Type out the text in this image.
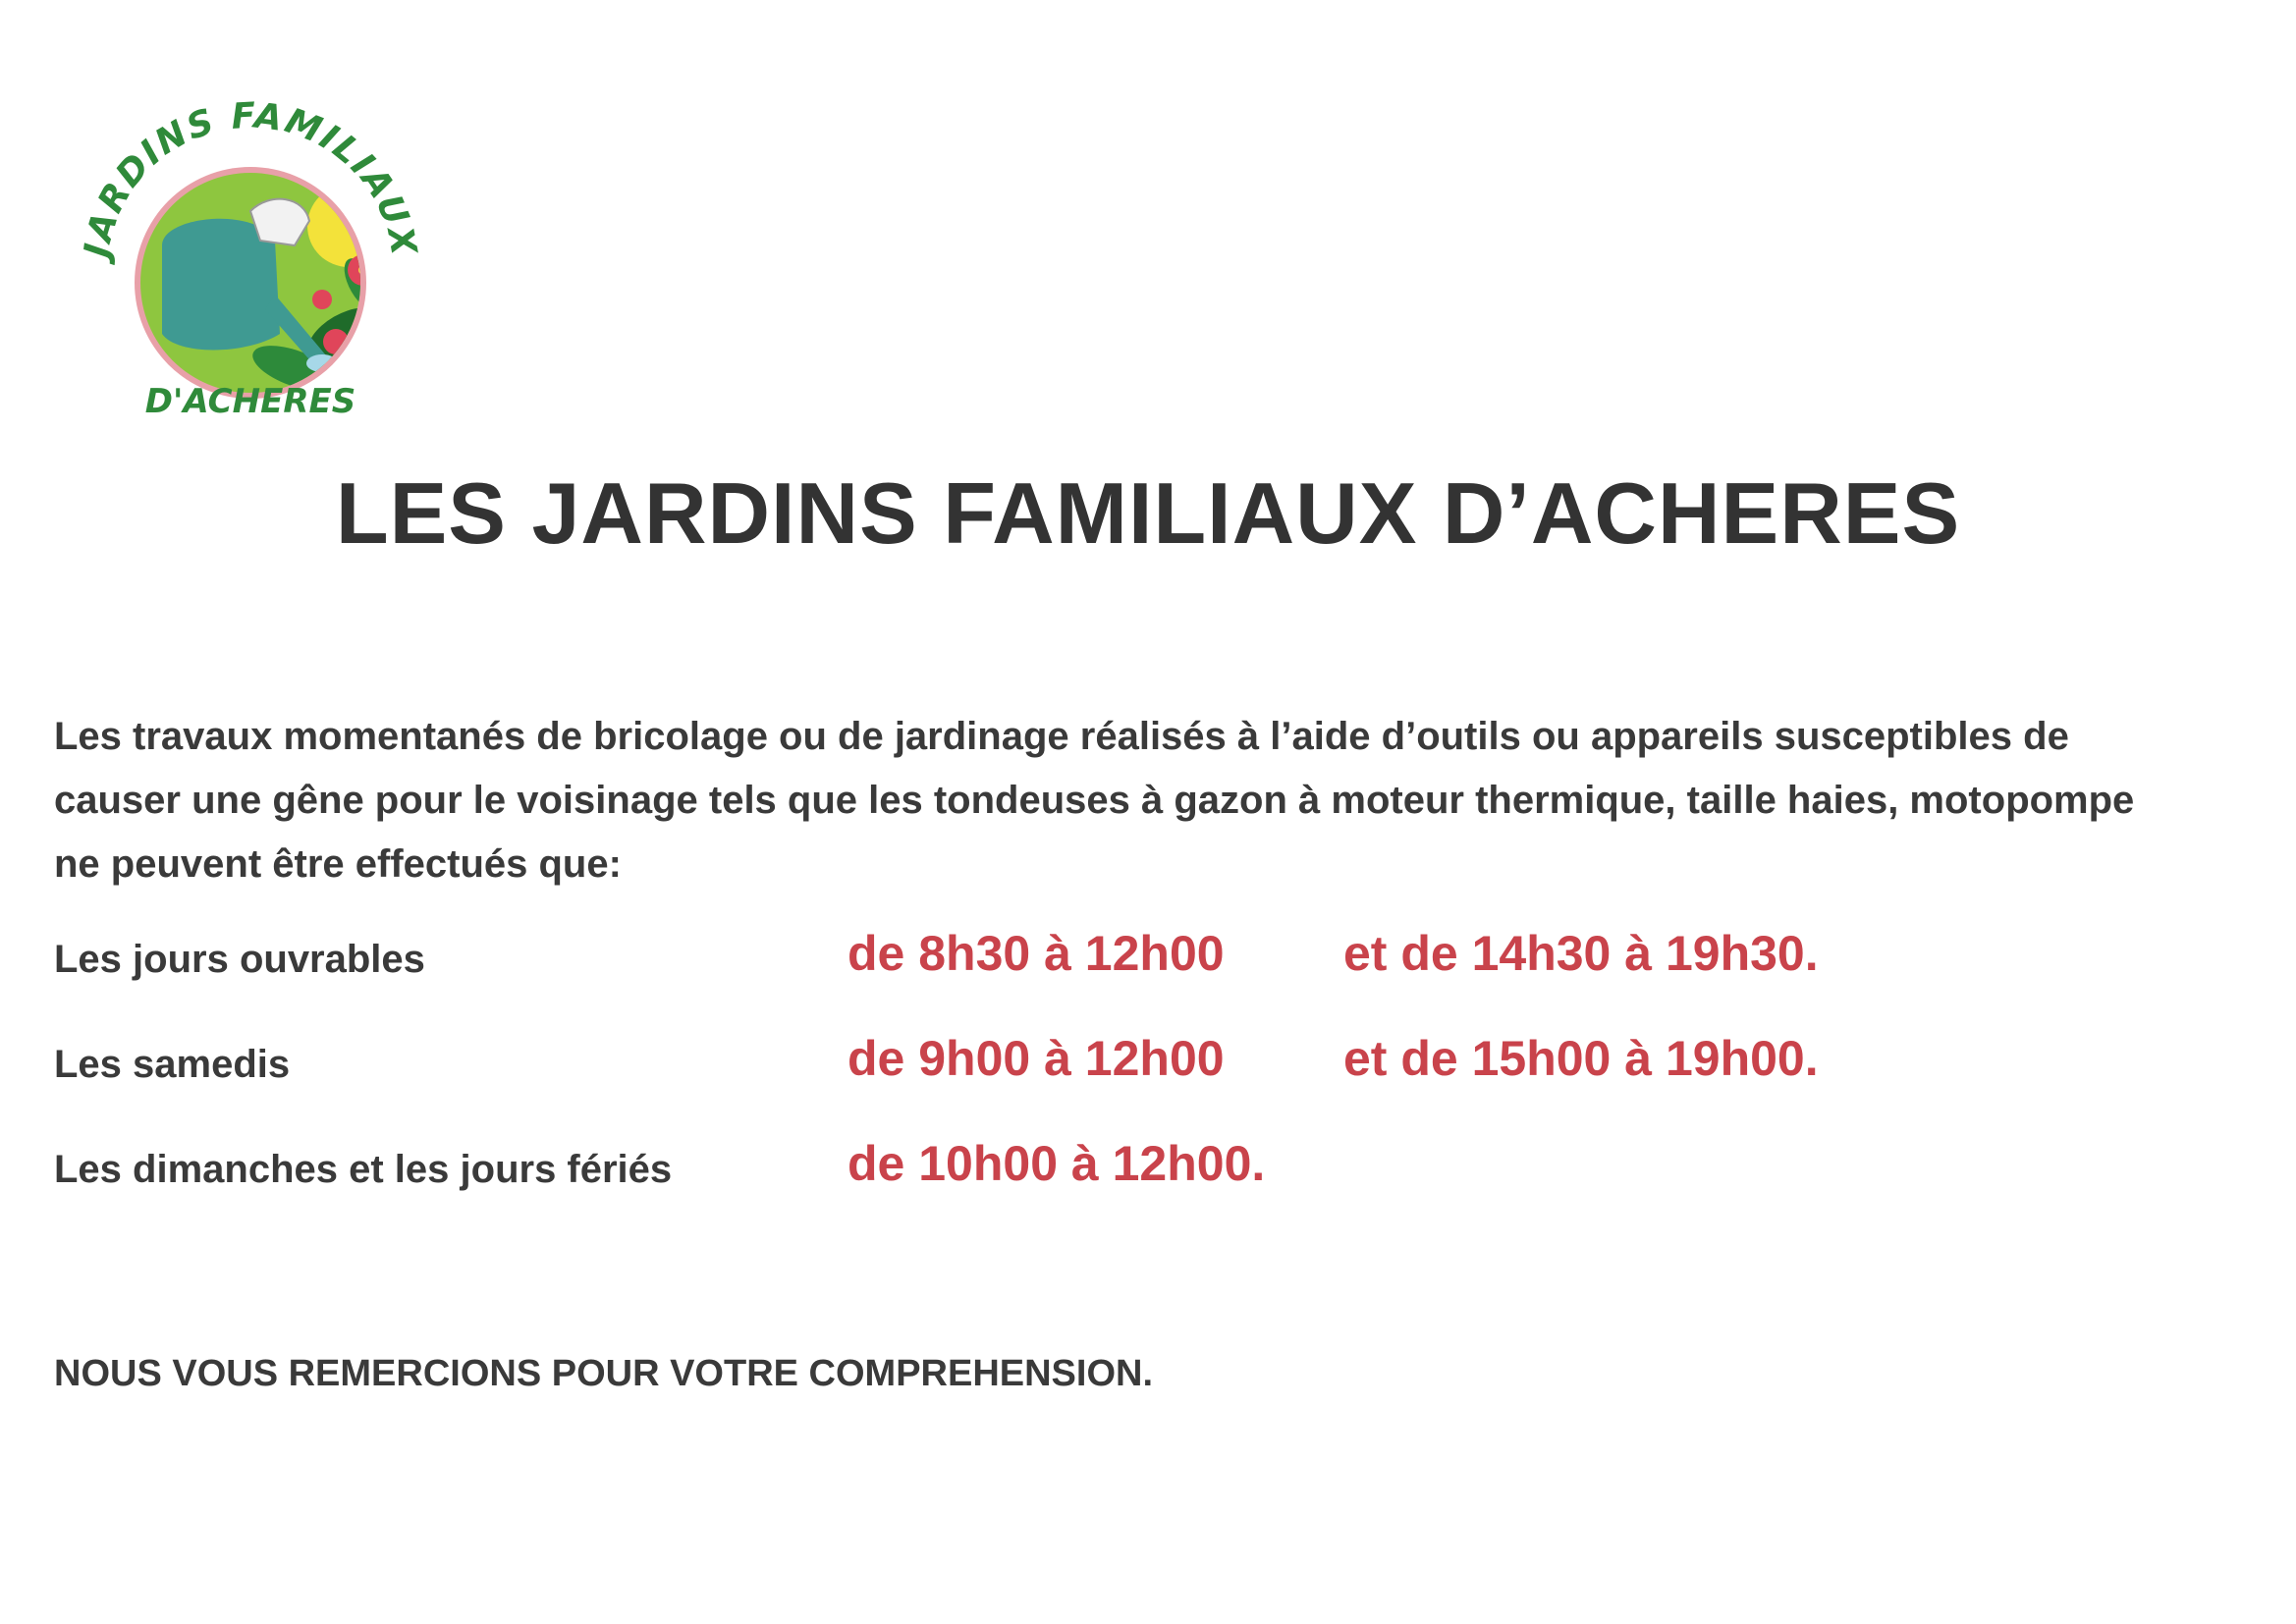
JARDINS FAMILIAUX
D'ACHERES
LES JARDINS FAMILIAUX D’ACHERES

Les travaux momentanés de bricolage ou de jardinage réalisés à l’aide d’outils ou appareils susceptibles de causer une gêne pour le voisinage tels que les tondeuses à gazon à moteur thermique, taille haies, motopompe ne peuvent être effectués que:

Les jours ouvrables	de 8h30 à 12h00 et de 14h30 à 19h30.
Les samedis	de 9h00 à 12h00 et de 15h00 à 19h00.
Les dimanches et les jours fériés	de 10h00 à 12h00.

NOUS VOUS REMERCIONS POUR VOTRE COMPREHENSION.
